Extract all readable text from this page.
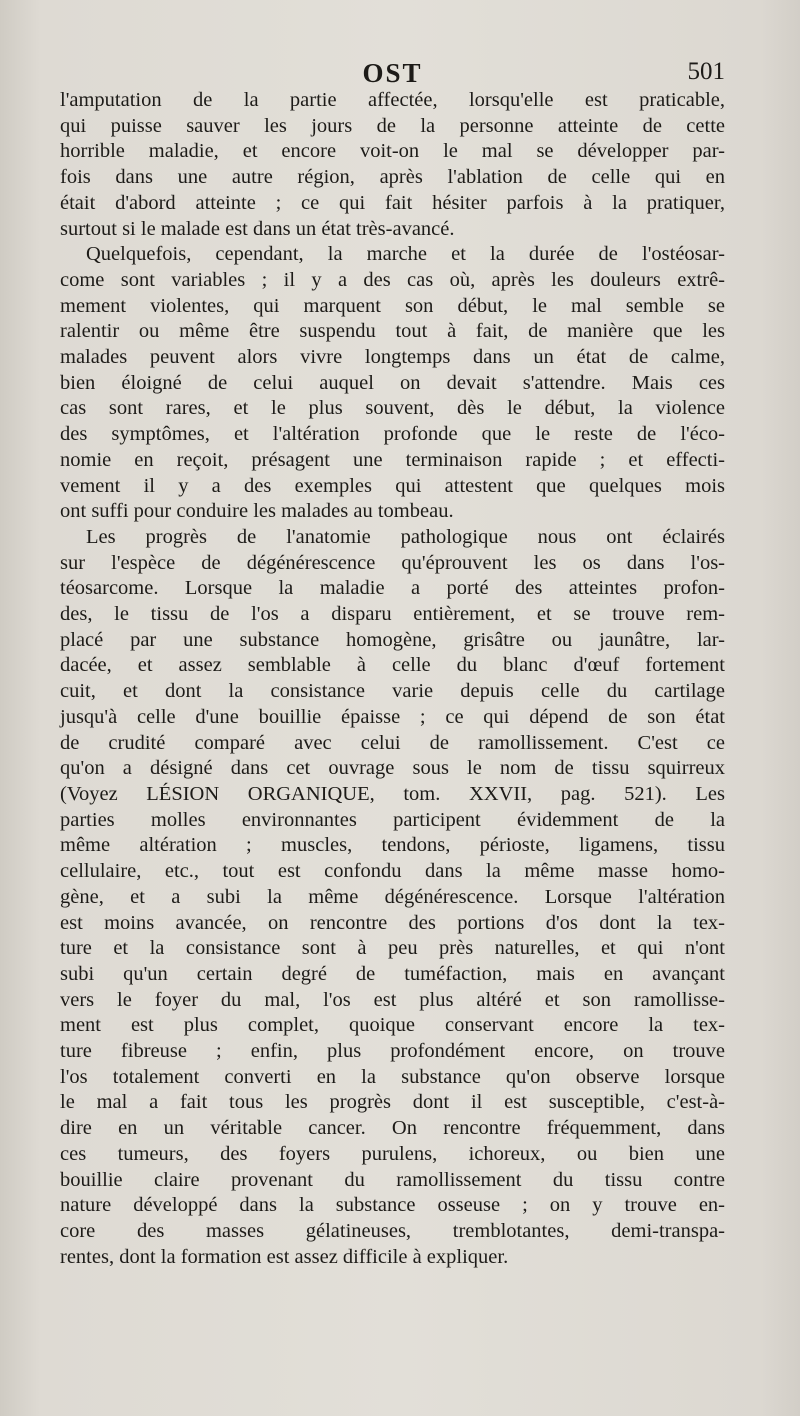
OST	501
l'amputation de la partie affectée, lorsqu'elle est praticable,
qui puisse sauver les jours de la personne atteinte de cette
horrible maladie, et encore voit-on le mal se développer par-
fois dans une autre région, après l'ablation de celle qui en
était d'abord atteinte ; ce qui fait hésiter parfois à la pratiquer,
surtout si le malade est dans un état très-avancé.
Quelquefois, cependant, la marche et la durée de l'ostéosar-
come sont variables ; il y a des cas où, après les douleurs extrê-
mement violentes, qui marquent son début, le mal semble se
ralentir ou même être suspendu tout à fait, de manière que les
malades peuvent alors vivre longtemps dans un état de calme,
bien éloigné de celui auquel on devait s'attendre. Mais ces
cas sont rares, et le plus souvent, dès le début, la violence
des symptômes, et l'altération profonde que le reste de l'éco-
nomie en reçoit, présagent une terminaison rapide ; et effecti-
vement il y a des exemples qui attestent que quelques mois
ont suffi pour conduire les malades au tombeau.
Les progrès de l'anatomie pathologique nous ont éclairés
sur l'espèce de dégénérescence qu'éprouvent les os dans l'os-
téosarcome. Lorsque la maladie a porté des atteintes profon-
des, le tissu de l'os a disparu entièrement, et se trouve rem-
placé par une substance homogène, grisâtre ou jaunâtre, lar-
dacée, et assez semblable à celle du blanc d'œuf fortement
cuit, et dont la consistance varie depuis celle du cartilage
jusqu'à celle d'une bouillie épaisse ; ce qui dépend de son état
de crudité comparé avec celui de ramollissement. C'est ce
qu'on a désigné dans cet ouvrage sous le nom de tissu squirreux
(Voyez LÉSION ORGANIQUE, tom. XXVII, pag. 521). Les
parties molles environnantes participent évidemment de la
même altération ; muscles, tendons, périoste, ligamens, tissu
cellulaire, etc., tout est confondu dans la même masse homo-
gène, et a subi la même dégénérescence. Lorsque l'altération
est moins avancée, on rencontre des portions d'os dont la tex-
ture et la consistance sont à peu près naturelles, et qui n'ont
subi qu'un certain degré de tuméfaction, mais en avançant
vers le foyer du mal, l'os est plus altéré et son ramollisse-
ment est plus complet, quoique conservant encore la tex-
ture fibreuse ; enfin, plus profondément encore, on trouve
l'os totalement converti en la substance qu'on observe lorsque
le mal a fait tous les progrès dont il est susceptible, c'est-à-
dire en un véritable cancer. On rencontre fréquemment, dans
ces tumeurs, des foyers purulens, ichoreux, ou bien une
bouillie claire provenant du ramollissement du tissu contre
nature développé dans la substance osseuse ; on y trouve en-
core des masses gélatineuses, tremblotantes, demi-transpa-
rentes, dont la formation est assez difficile à expliquer.
